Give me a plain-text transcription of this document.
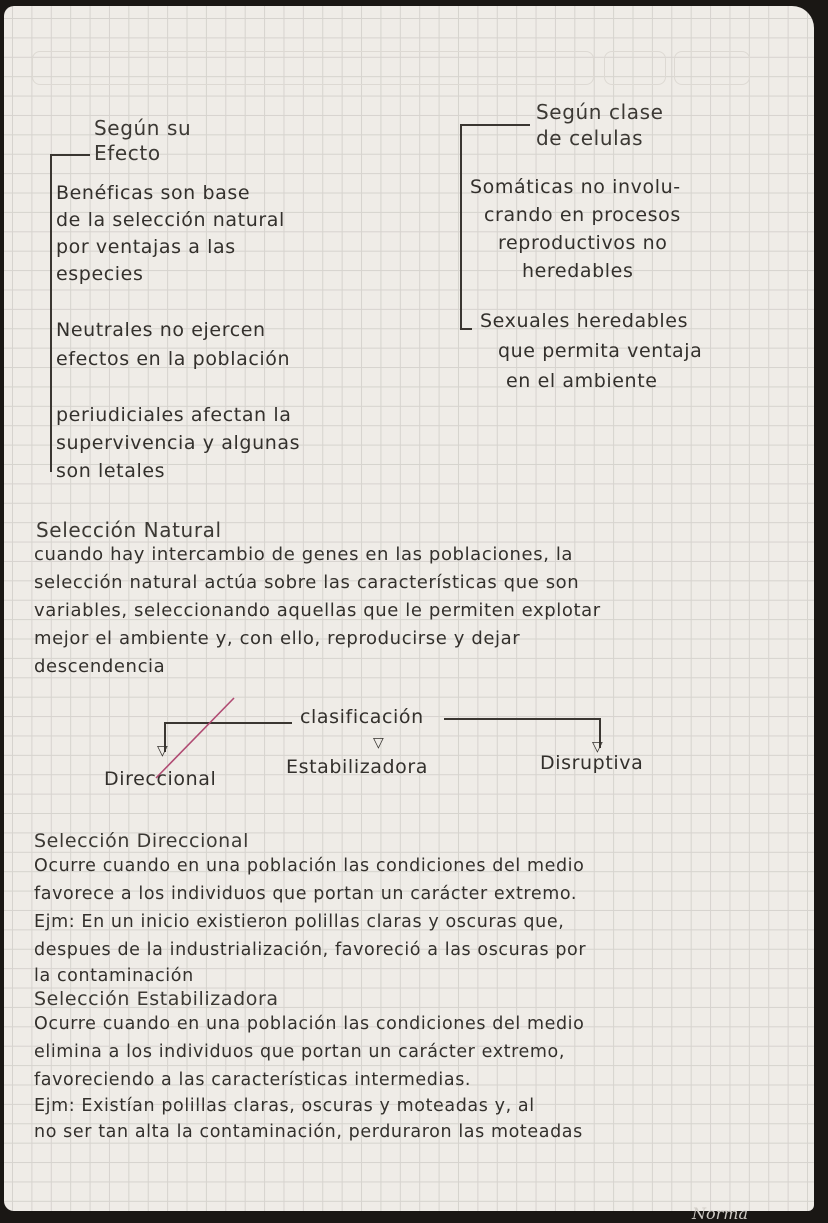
Según su

Efecto

Benéficas son base

de la selección natural

por ventajas a las

especies

Neutrales no ejercen

efectos en la población

periudiciales afectan la

supervivencia y algunas

son letales

Según clase

de celulas

Somáticas no involu-

crando en procesos

reproductivos no

heredables

Sexuales heredables

que permita ventaja

en el ambiente

Selección Natural

cuando hay intercambio de genes en las poblaciones, la

selección natural actúa sobre las características que son

variables, seleccionando aquellas que le permiten explotar

mejor el ambiente y, con ello, reproducirse y dejar

descendencia

clasificación

▽	▽	▽

Direccional

Estabilizadora	Disruptiva

Selección Direccional

Ocurre cuando en una población las condiciones del medio

favorece a los individuos que portan un carácter extremo.

Ejm: En un inicio existieron polillas claras y oscuras que,

despues de la industrialización, favoreció a las oscuras por

la contaminación

Selección Estabilizadora

Ocurre cuando en una población las condiciones del medio

elimina a los individuos que portan un carácter extremo,

favoreciendo a las características intermedias.

Ejm: Existían polillas claras, oscuras y moteadas y, al

no ser tan alta la contaminación, perduraron las moteadas

Norma
